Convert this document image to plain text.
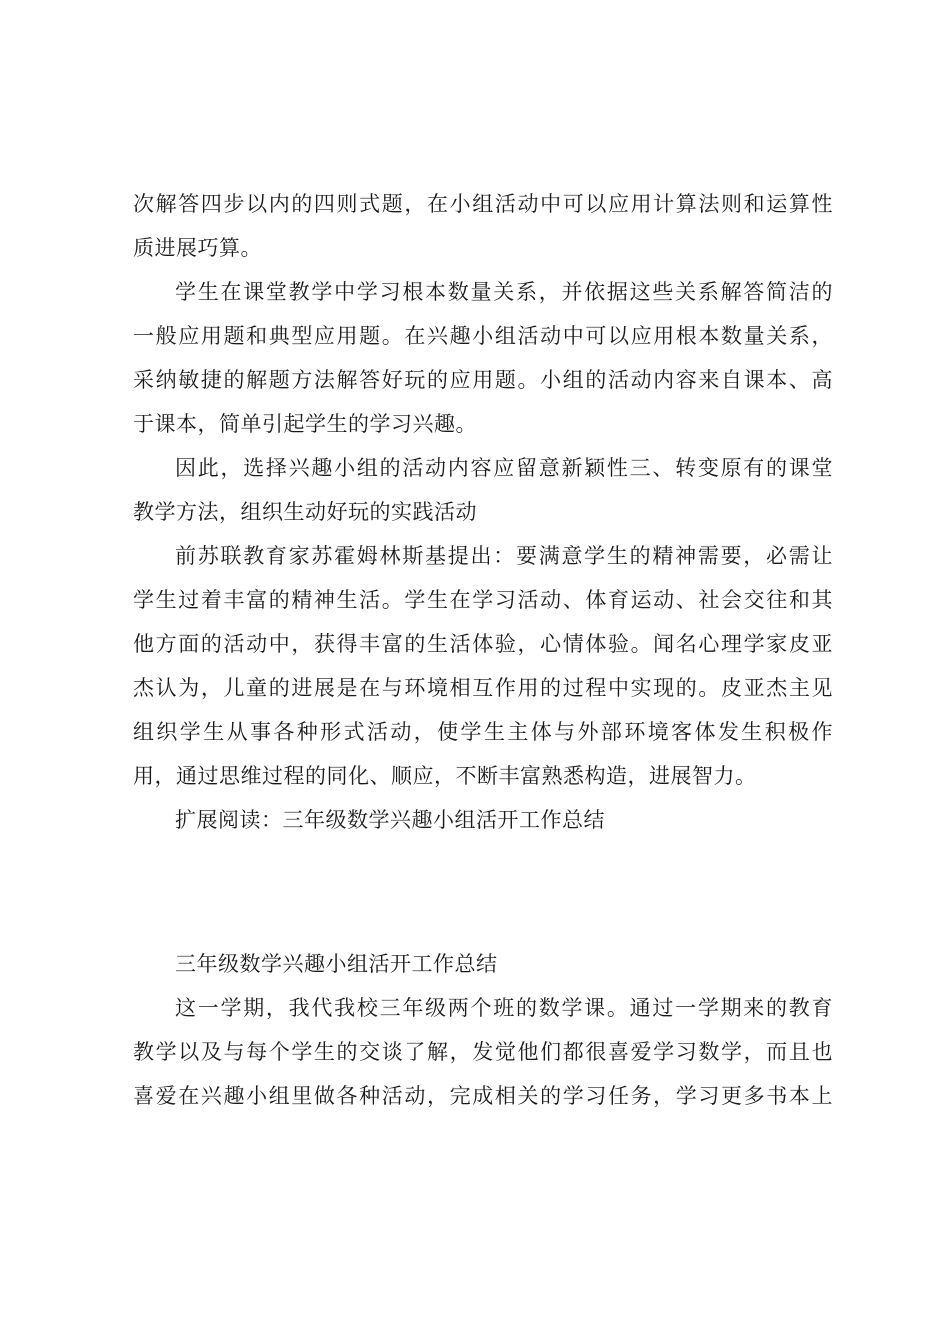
次解答四步以内的四则式题，在小组活动中可以应用计算法则和运算性
质进展巧算。
学生在课堂教学中学习根本数量关系，并依据这些关系解答简洁的
一般应用题和典型应用题。在兴趣小组活动中可以应用根本数量关系，
采纳敏捷的解题方法解答好玩的应用题。小组的活动内容来自课本、高
于课本，简单引起学生的学习兴趣。
因此，选择兴趣小组的活动内容应留意新颖性三、转变原有的课堂
教学方法，组织生动好玩的实践活动
前苏联教育家苏霍姆林斯基提出：要满意学生的精神需要，必需让
学生过着丰富的精神生活。学生在学习活动、体育运动、社会交往和其
他方面的活动中，获得丰富的生活体验，心情体验。闻名心理学家皮亚
杰认为，儿童的进展是在与环境相互作用的过程中实现的。皮亚杰主见
组织学生从事各种形式活动，使学生主体与外部环境客体发生积极作
用，通过思维过程的同化、顺应，不断丰富熟悉构造，进展智力。
扩展阅读：三年级数学兴趣小组活开工作总结
三年级数学兴趣小组活开工作总结
这一学期，我代我校三年级两个班的数学课。通过一学期来的教育
教学以及与每个学生的交谈了解，发觉他们都很喜爱学习数学，而且也
喜爱在兴趣小组里做各种活动，完成相关的学习任务，学习更多书本上
